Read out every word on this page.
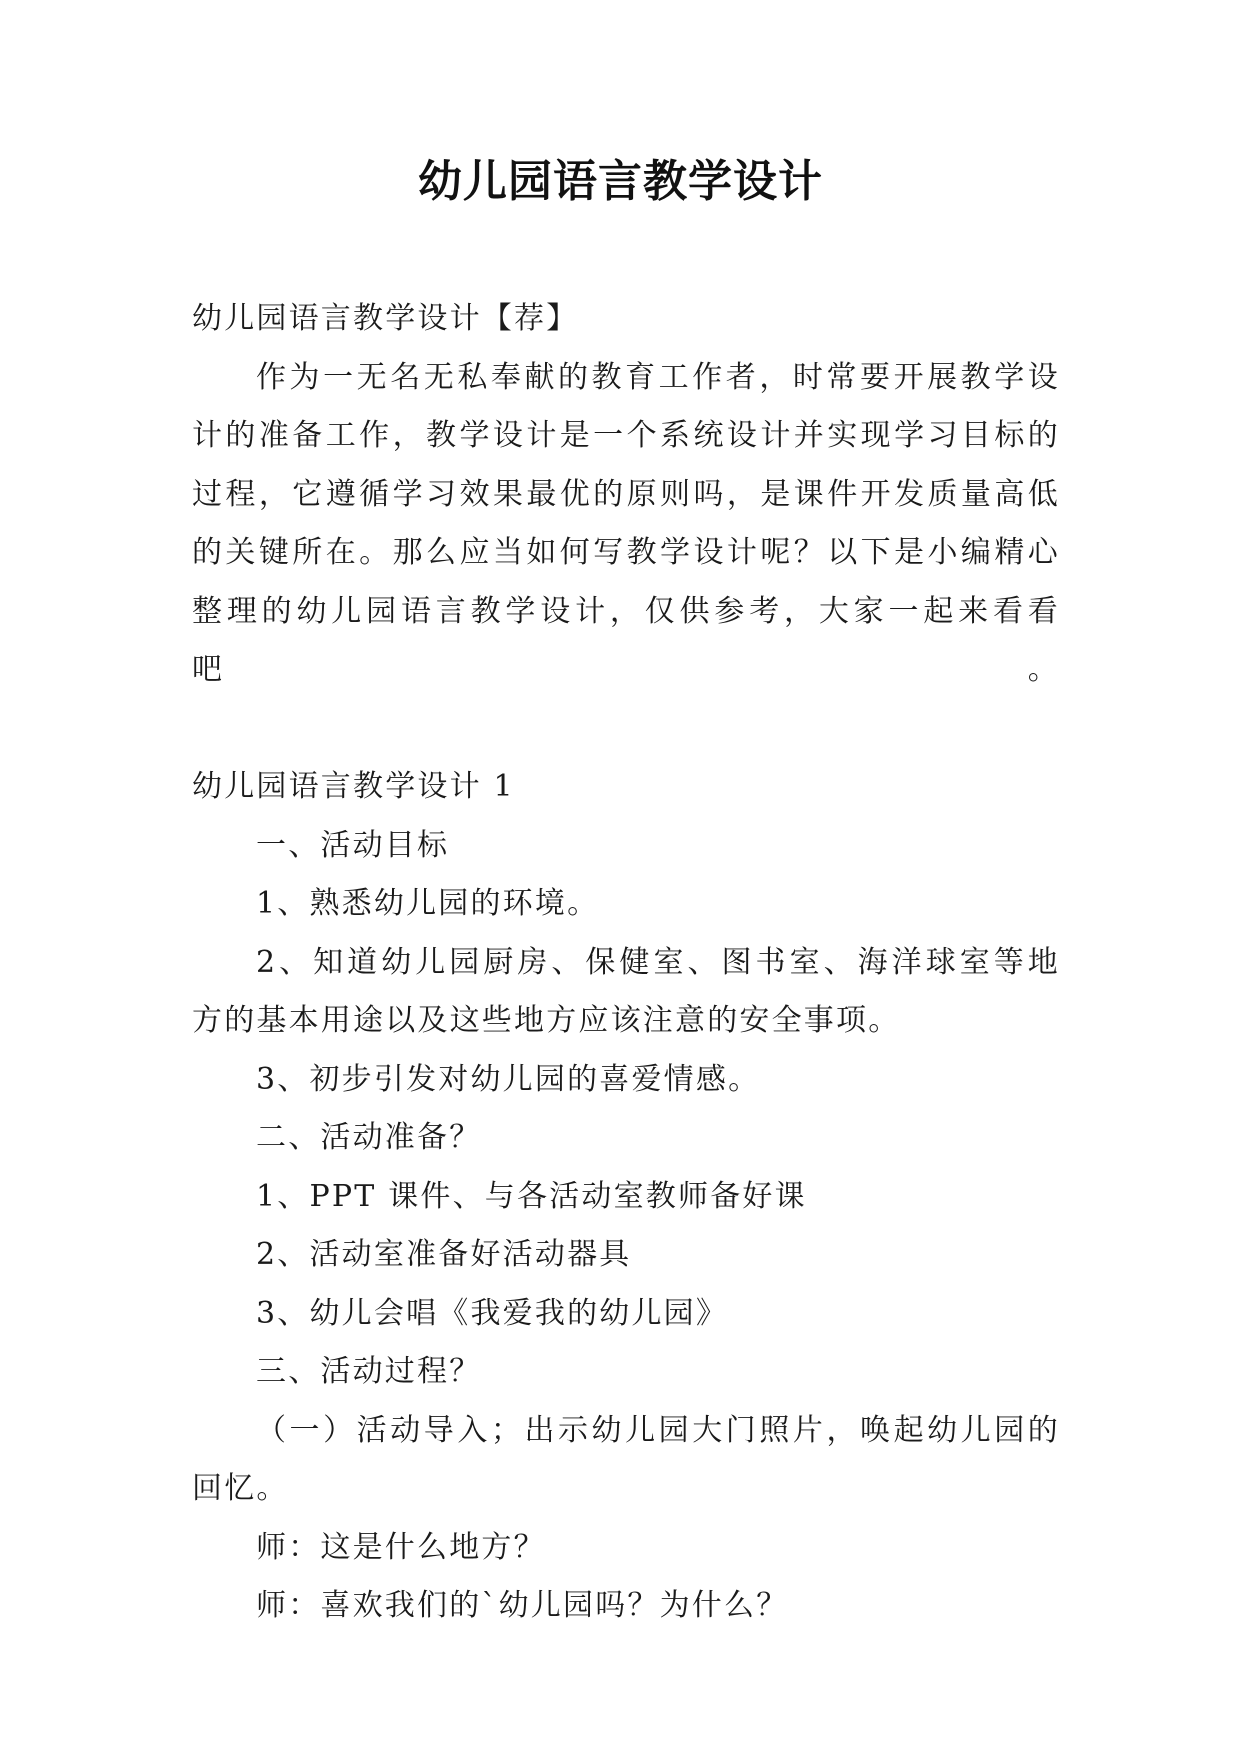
幼儿园语言教学设计

幼儿园语言教学设计【荐】

作为一无名无私奉献的教育工作者，时常要开展教学设

计的准备工作，教学设计是一个系统设计并实现学习目标的

过程，它遵循学习效果最优的原则吗，是课件开发质量高低

的关键所在。那么应当如何写教学设计呢？以下是小编精心

整理的幼儿园语言教学设计，仅供参考，大家一起来看看吧。

幼儿园语言教学设计 1

一、活动目标

1、熟悉幼儿园的环境。

2、知道幼儿园厨房、保健室、图书室、海洋球室等地

方的基本用途以及这些地方应该注意的安全事项。

3、初步引发对幼儿园的喜爱情感。

二、活动准备？

1、PPT 课件、与各活动室教师备好课

2、活动室准备好活动器具

3、幼儿会唱《我爱我的幼儿园》

三、活动过程？

（一）活动导入；出示幼儿园大门照片，唤起幼儿园的

回忆。

师：这是什么地方？

师：喜欢我们的`幼儿园吗？为什么？
